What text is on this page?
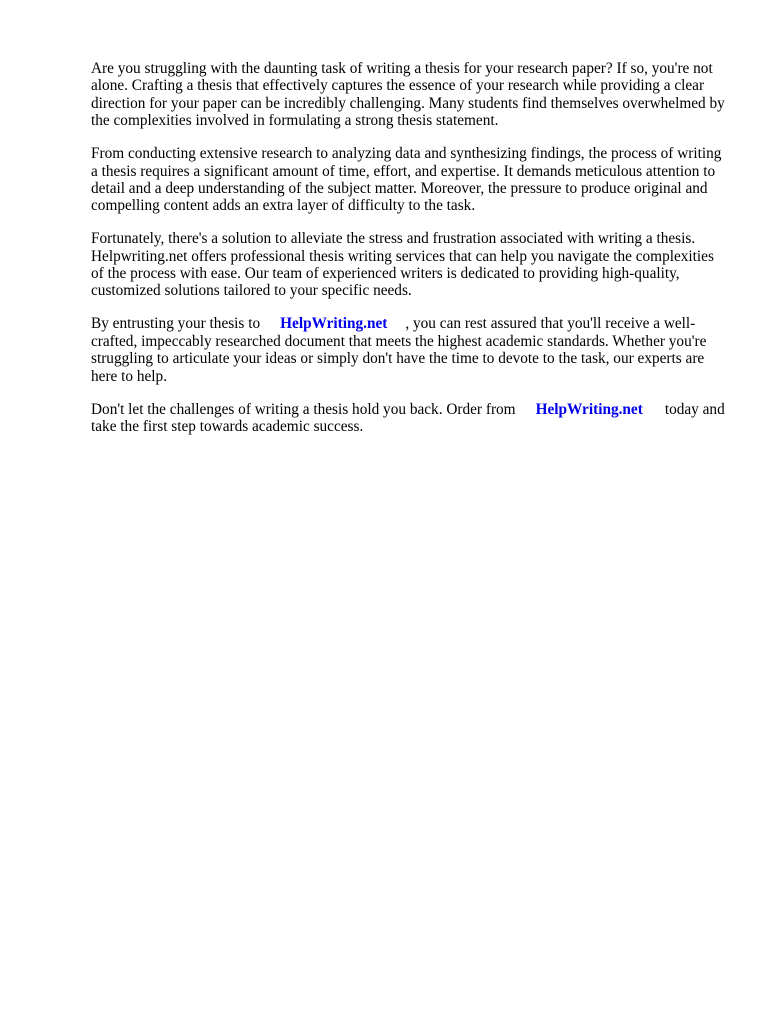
Are you struggling with the daunting task of writing a thesis for your research paper? If so, you're not alone. Crafting a thesis that effectively captures the essence of your research while providing a clear direction for your paper can be incredibly challenging. Many students find themselves overwhelmed by the complexities involved in formulating a strong thesis statement.

From conducting extensive research to analyzing data and synthesizing findings, the process of writing a thesis requires a significant amount of time, effort, and expertise. It demands meticulous attention to detail and a deep understanding of the subject matter. Moreover, the pressure to produce original and compelling content adds an extra layer of difficulty to the task.

Fortunately, there's a solution to alleviate the stress and frustration associated with writing a thesis. Helpwriting.net offers professional thesis writing services that can help you navigate the complexities of the process with ease. Our team of experienced writers is dedicated to providing high-quality, customized solutions tailored to your specific needs.

By entrusting your thesis to HelpWriting.net , you can rest assured that you'll receive a well-crafted, impeccably researched document that meets the highest academic standards. Whether you're struggling to articulate your ideas or simply don't have the time to devote to the task, our experts are here to help.

Don't let the challenges of writing a thesis hold you back. Order from HelpWriting.net today and take the first step towards academic success.
